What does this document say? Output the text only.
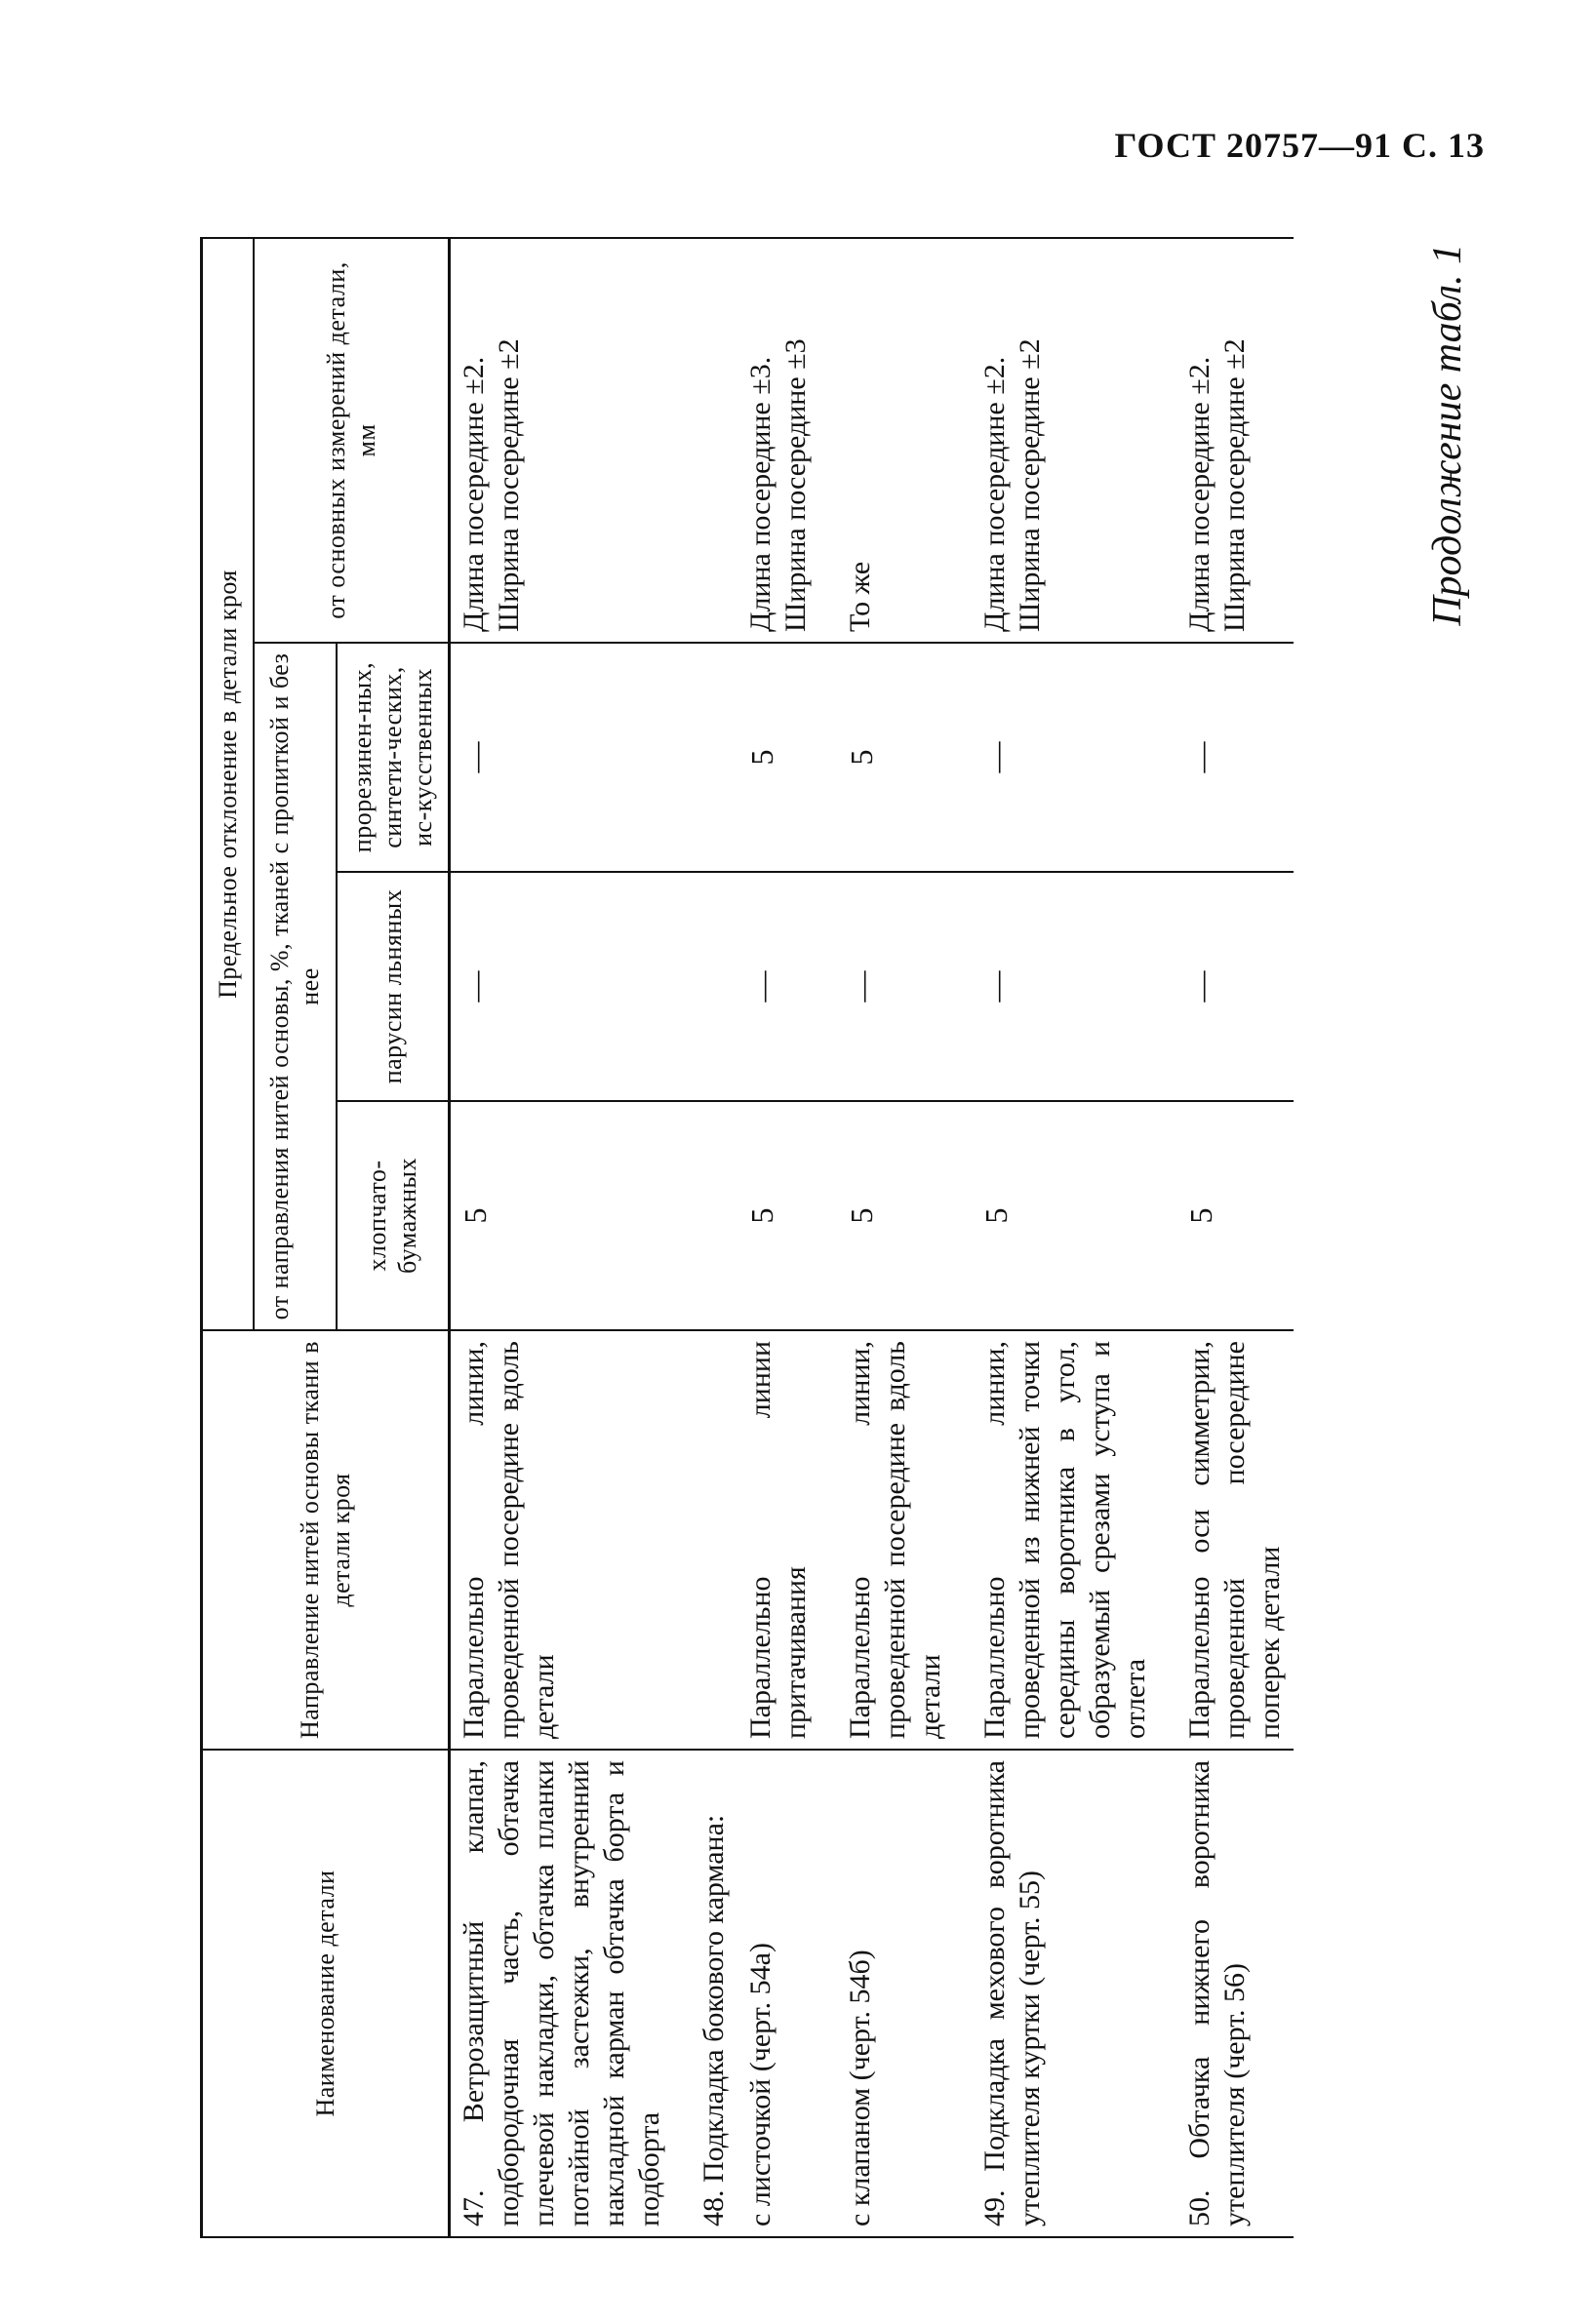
ГОСТ 20757—91 С. 13
Продолжение табл. 1
Наименование детали	Направление нитей основы ткани в детали кроя	Предельное отклонение в детали кроя			
		от направления нитей основы, %, тканей с пропиткой и без нее			от основных измерений детали, мм
		хлопчато-бумажных	парусин льняных	прорезинен-ных, синтети-ческих, ис-кусственных	
47. Ветрозащитный клапан, подбородочная часть, обтачка плечевой накладки, обтачка планки потайной застежки, внутренний накладной карман обтачка борта и подборта	Параллельно линии, проведенной посередине вдоль детали	5	—	—	Длина посередине ±2. Ширина посередине ±2

48. Подкладка бокового кармана:					

с листочкой (черт. 54а)	Параллельно линии притачивания	5	—	5	Длина посередине ±3. Ширина посередине ±3

с клапаном (черт. 54б)	Параллельно линии, проведенной посередине вдоль детали	5	—	5	То же

49. Подкладка мехового воротника утеплителя куртки (черт. 55)	Параллельно линии, проведенной из нижней точки середины воротника в угол, образуемый срезами уступа и отлета	5	—	—	Длина посередине ±2. Ширина посередине ±2

50. Обтачка нижнего воротника утеплителя (черт. 56)	Параллельно оси симметрии, проведенной посередине поперек детали	5	—	—	Длина посередине ±2. Ширина посередине ±2
